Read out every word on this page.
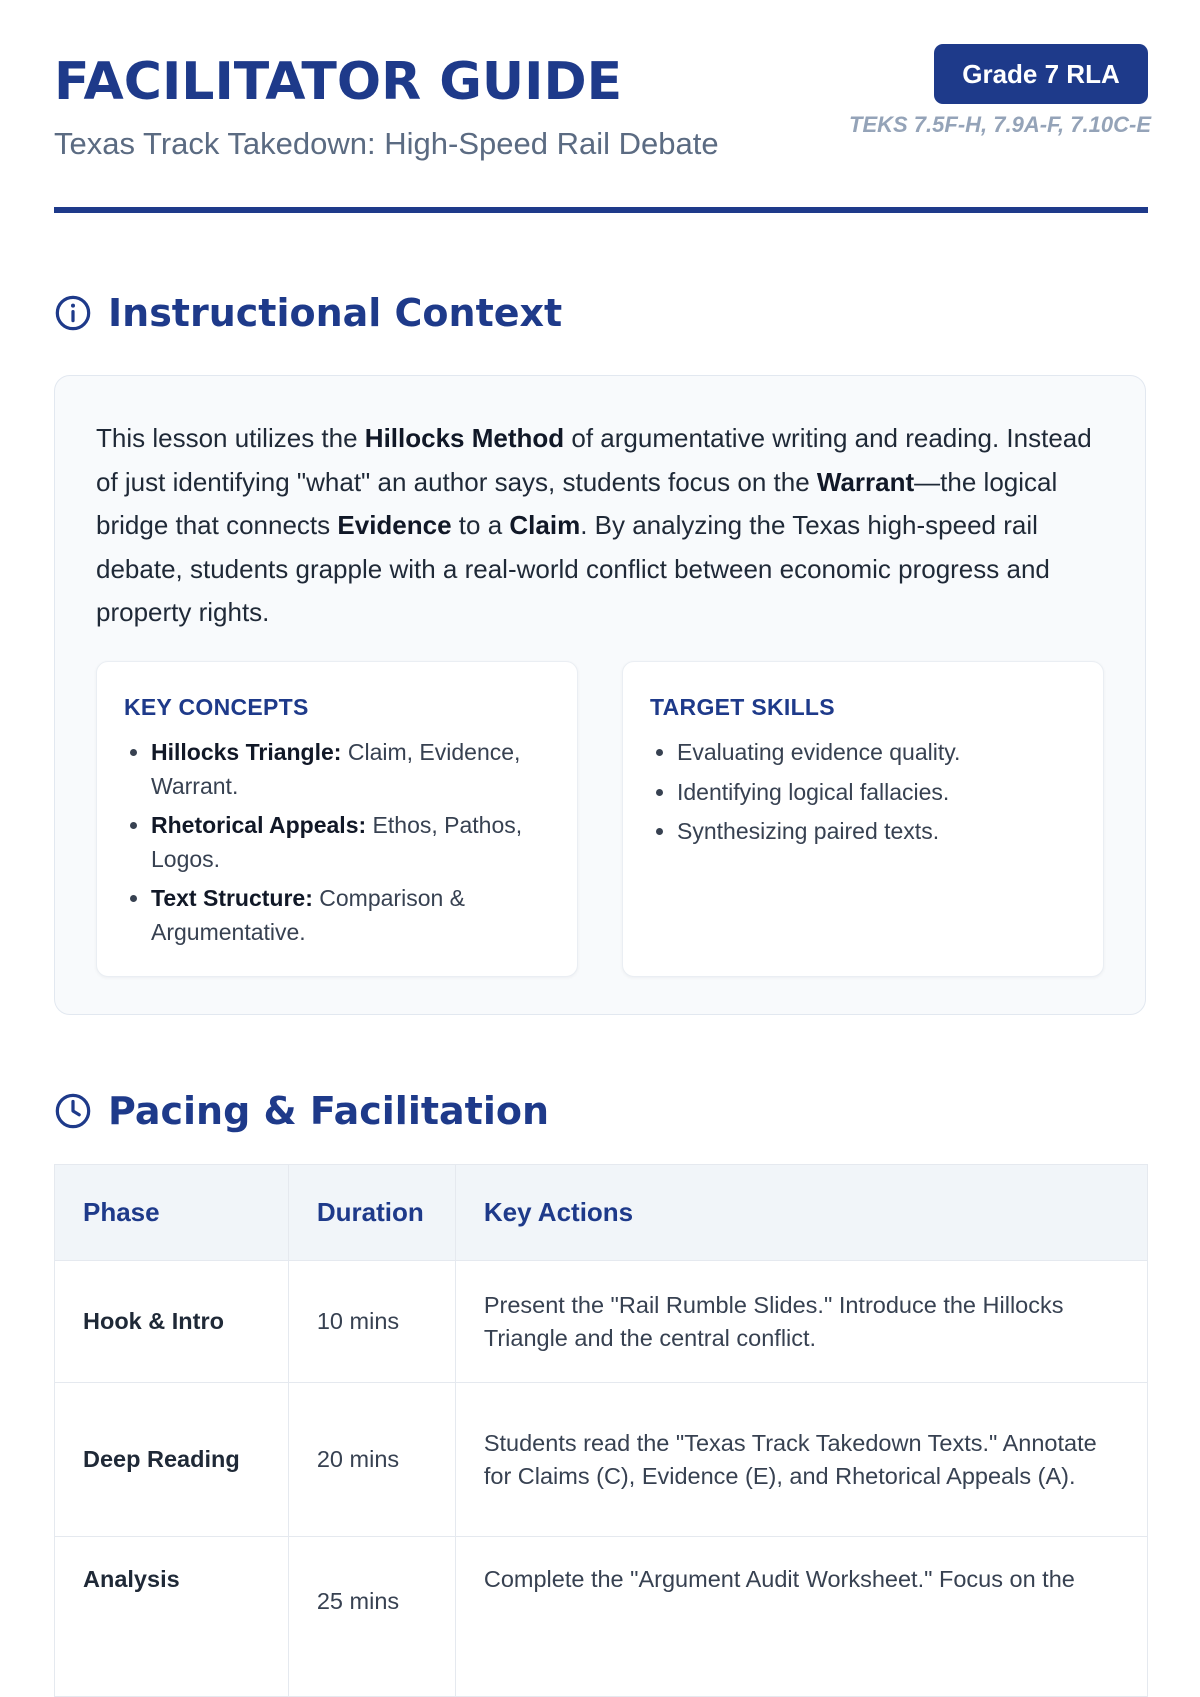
FACILITATOR GUIDE
Texas Track Takedown: High-Speed Rail Debate
Grade 7 RLA
TEKS 7.5F-H, 7.9A-F, 7.10C-E
Instructional Context

This lesson utilizes the Hillocks Method of argumentative writing and reading. Instead of just identifying "what" an author says, students focus on the Warrant—the logical bridge that connects Evidence to a Claim. By analyzing the Texas high-speed rail debate, students grapple with a real-world conflict between economic progress and property rights.

KEY CONCEPTS
• Hillocks Triangle: Claim, Evidence, Warrant.
• Rhetorical Appeals: Ethos, Pathos, Logos.
• Text Structure: Comparison & Argumentative.
TARGET SKILLS
• Evaluating evidence quality.
• Identifying logical fallacies.
• Synthesizing paired texts.
Pacing & Facilitation
Phase	Duration	Key Actions
Hook & Intro	10 mins	Present the "Rail Rumble Slides." Introduce the Hillocks Triangle and the central conflict.
Deep Reading	20 mins	Students read the "Texas Track Takedown Texts." Annotate for Claims (C), Evidence (E), and Rhetorical Appeals (A).
Analysis	25 mins	Complete the "Argument Audit Worksheet." Focus on the
